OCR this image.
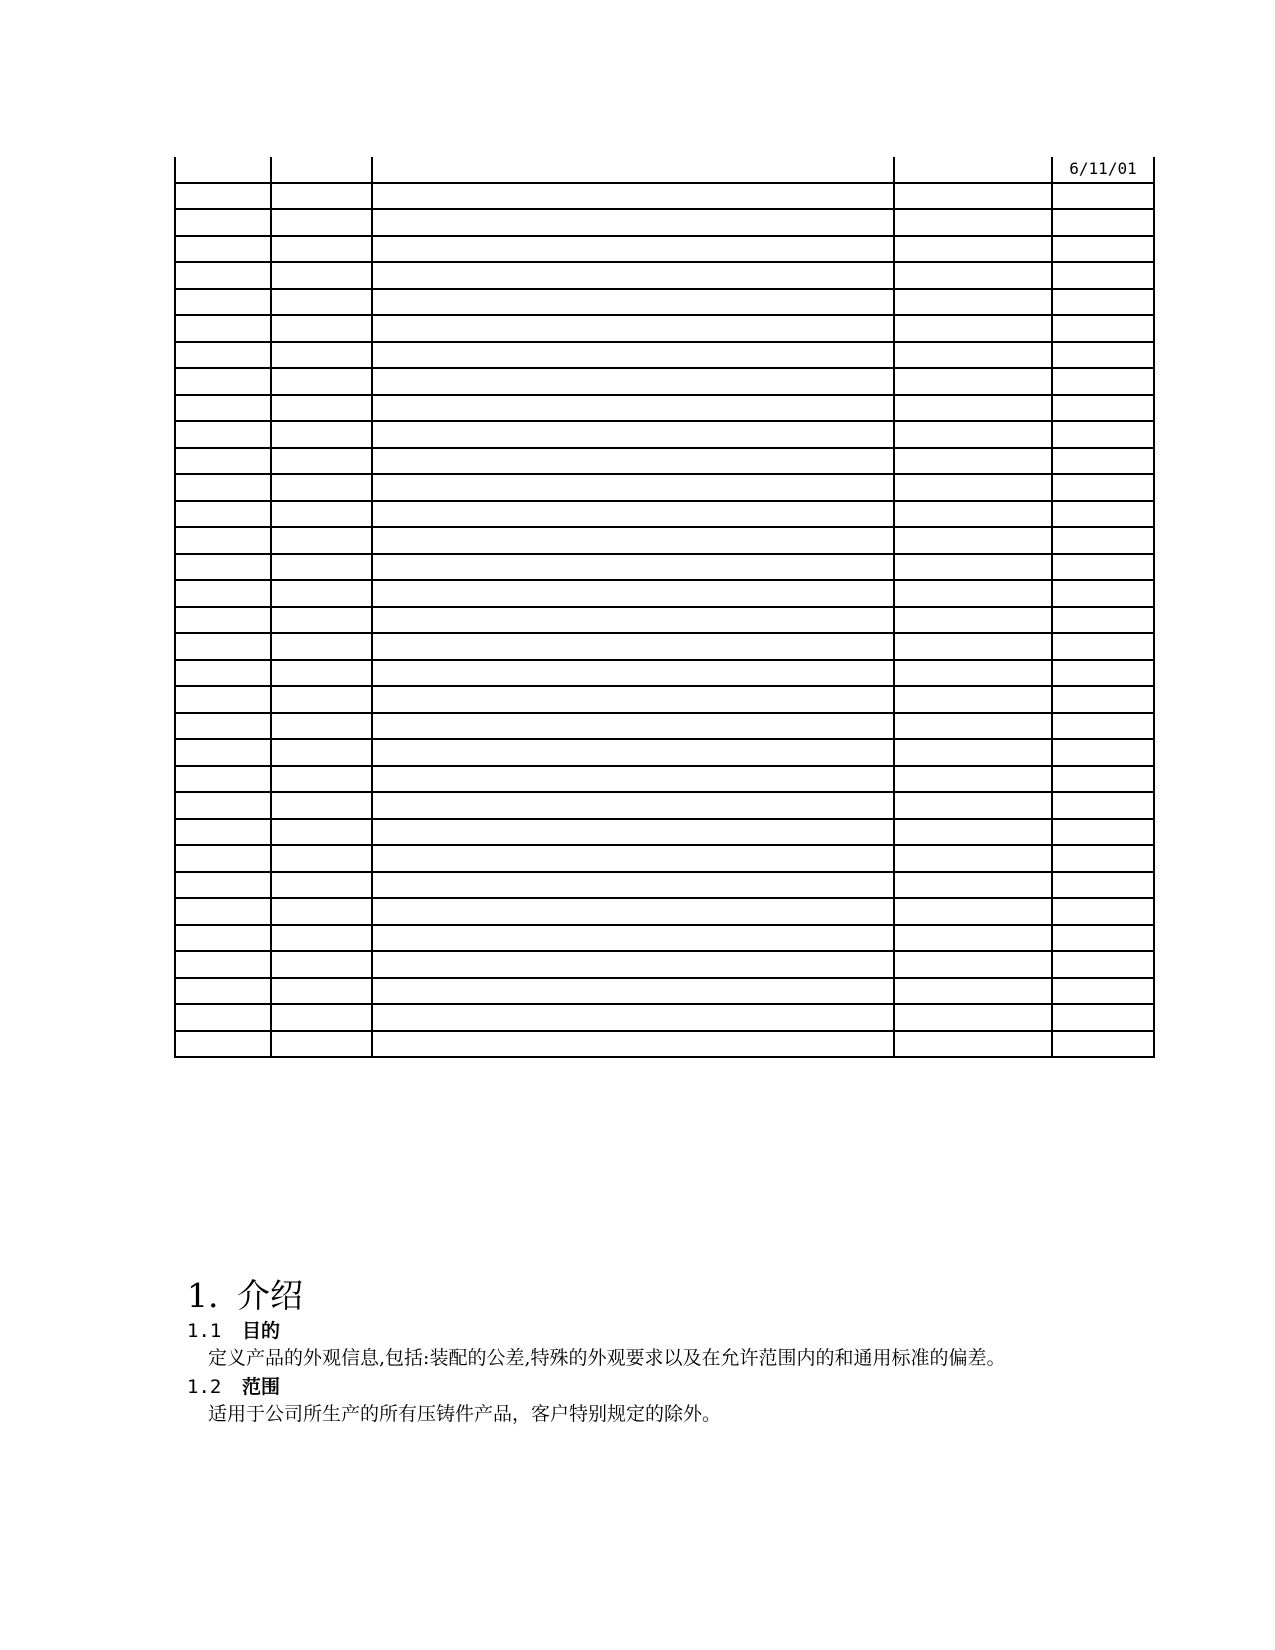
				6/11/01

1. 介绍
1.1	目的
定义产品的外观信息,包括:装配的公差,特殊的外观要求以及在允许范围内的和通用标准的偏差。
1.2	范围
适用于公司所生产的所有压铸件产品，客户特别规定的除外。
